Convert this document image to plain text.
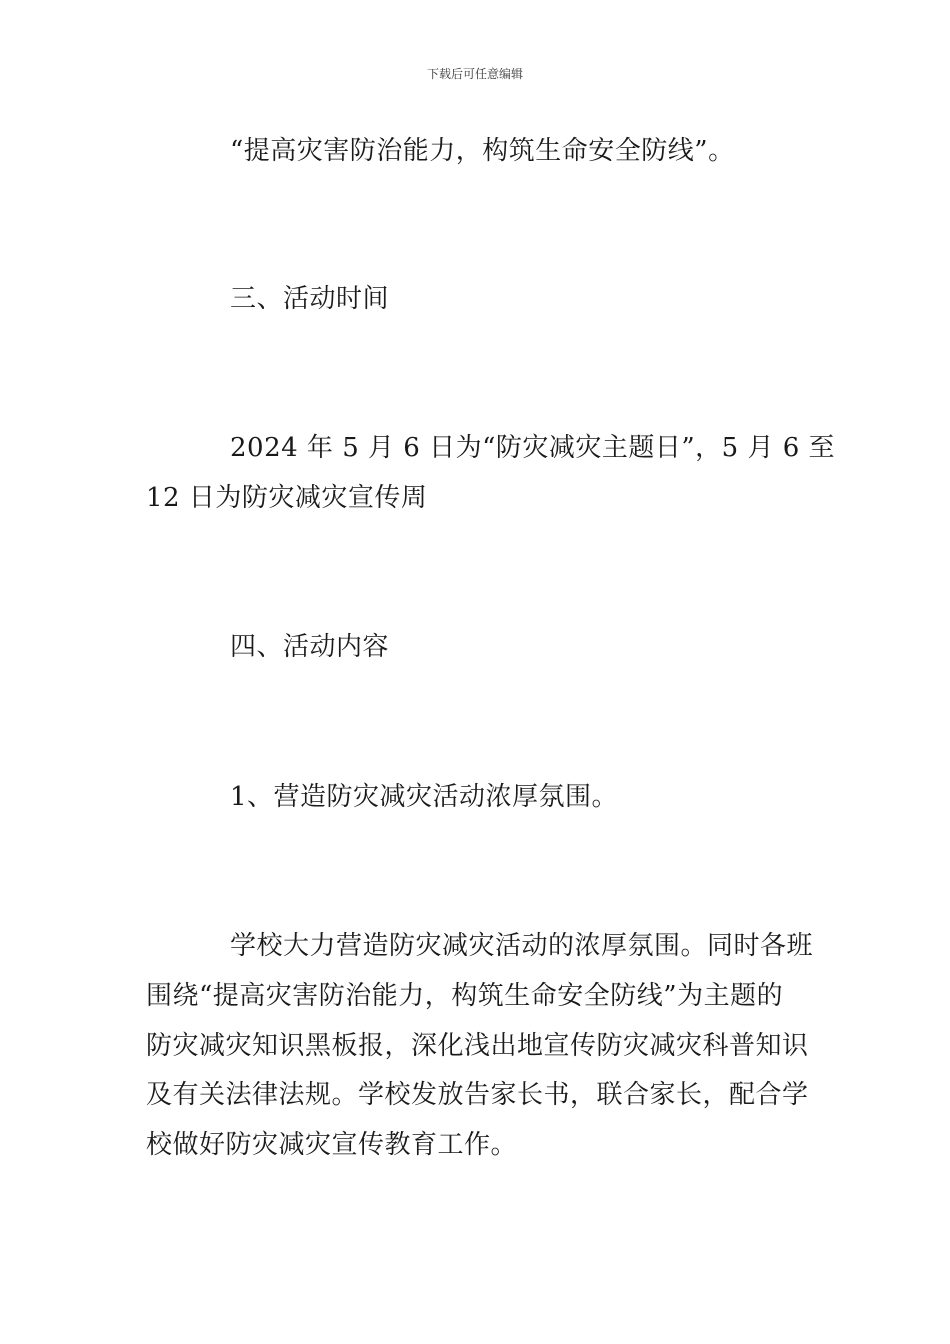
下载后可任意编辑
“提高灾害防治能力，构筑生命安全防线”。
三、活动时间
2024 年 5 月 6 日为“防灾减灾主题日”，5 月 6 至
12 日为防灾减灾宣传周
四、活动内容
1、营造防灾减灾活动浓厚氛围。
学校大力营造防灾减灾活动的浓厚氛围。同时各班
围绕“提高灾害防治能力，构筑生命安全防线”为主题的
防灾减灾知识黑板报，深化浅出地宣传防灾减灾科普知识
及有关法律法规。学校发放告家长书，联合家长，配合学
校做好防灾减灾宣传教育工作。
